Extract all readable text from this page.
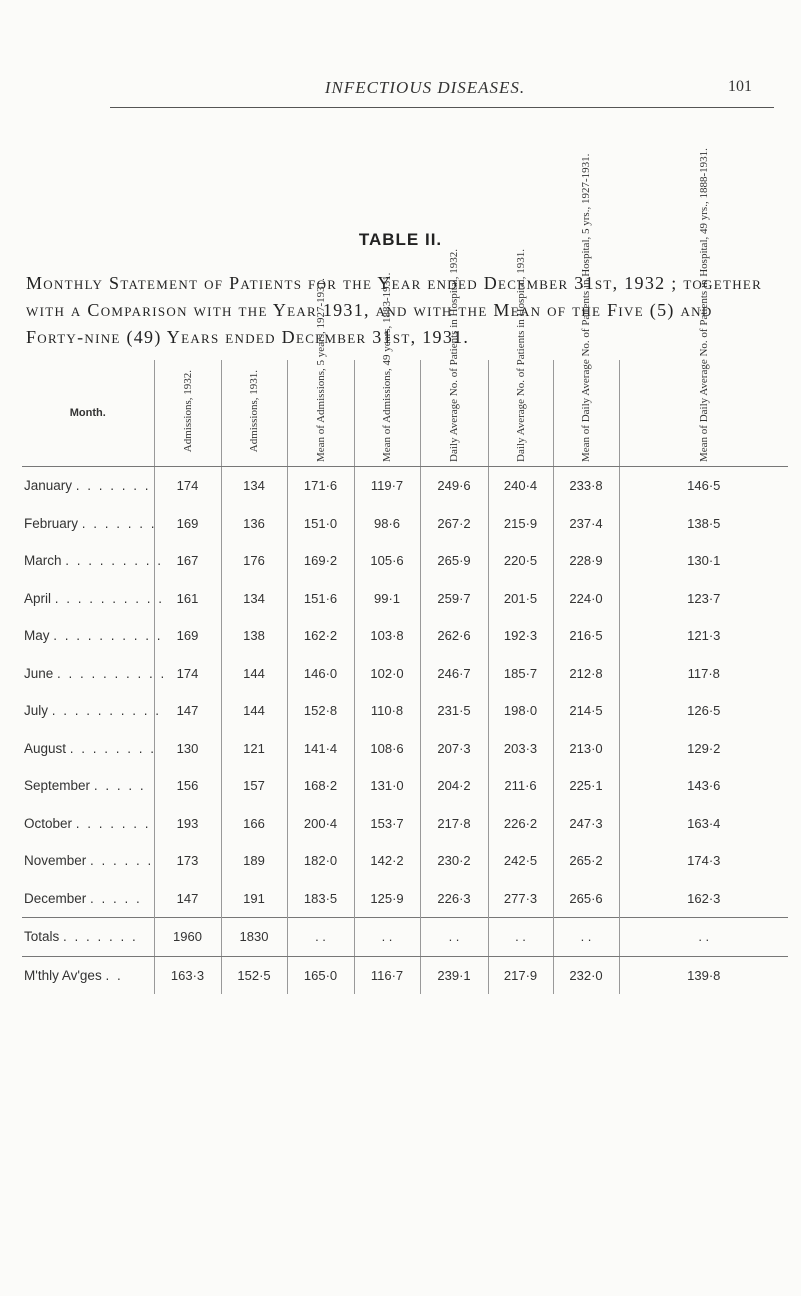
INFECTIOUS DISEASES.	101
TABLE II.
Monthly Statement of Patients for the Year ended December 31st, 1932 ; together with a Comparison with the Year 1931, and with the Mean of the Five (5) and Forty-nine (49) Years ended December 31st, 1931.
Month.	Admissions, 1932.	Admissions, 1931.	Mean of Admissions, 5 years, 1927-1931.	Mean of Admissions, 49 years, 1883-1931.	Daily Average No. of Patients in Hospital, 1932.	Daily Average No. of Patients in Hospital, 1931.	Mean of Daily Average No. of Patients in Hospital, 5 yrs., 1927-1931.	Mean of Daily Average No. of Patients in Hospital, 49 yrs., 1888-1931.
January . . . . . . .	174	134	171·6	119·7	249·6	240·4	233·8	146·5
February . . . . . . .	169	136	151·0	98·6	267·2	215·9	237·4	138·5
March . . . . . . . . .	167	176	169·2	105·6	265·9	220·5	228·9	130·1
April . . . . . . . . . .	161	134	151·6	99·1	259·7	201·5	224·0	123·7
May . . . . . . . . . .	169	138	162·2	103·8	262·6	192·3	216·5	121·3
June . . . . . . . . . .	174	144	146·0	102·0	246·7	185·7	212·8	117·8
July . . . . . . . . . .	147	144	152·8	110·8	231·5	198·0	214·5	126·5
August . . . . . . . .	130	121	141·4	108·6	207·3	203·3	213·0	129·2
September . . . . .	156	157	168·2	131·0	204·2	211·6	225·1	143·6
October . . . . . . .	193	166	200·4	153·7	217·8	226·2	247·3	163·4
November . . . . . .	173	189	182·0	142·2	230·2	242·5	265·2	174·3
December . . . . .	147	191	183·5	125·9	226·3	277·3	265·6	162·3
Totals . . . . . . .	1960	1830	. .	. .	. .	. .	. .	. .
M'thly Av'ges . .	163·3	152·5	165·0	116·7	239·1	217·9	232·0	139·8
